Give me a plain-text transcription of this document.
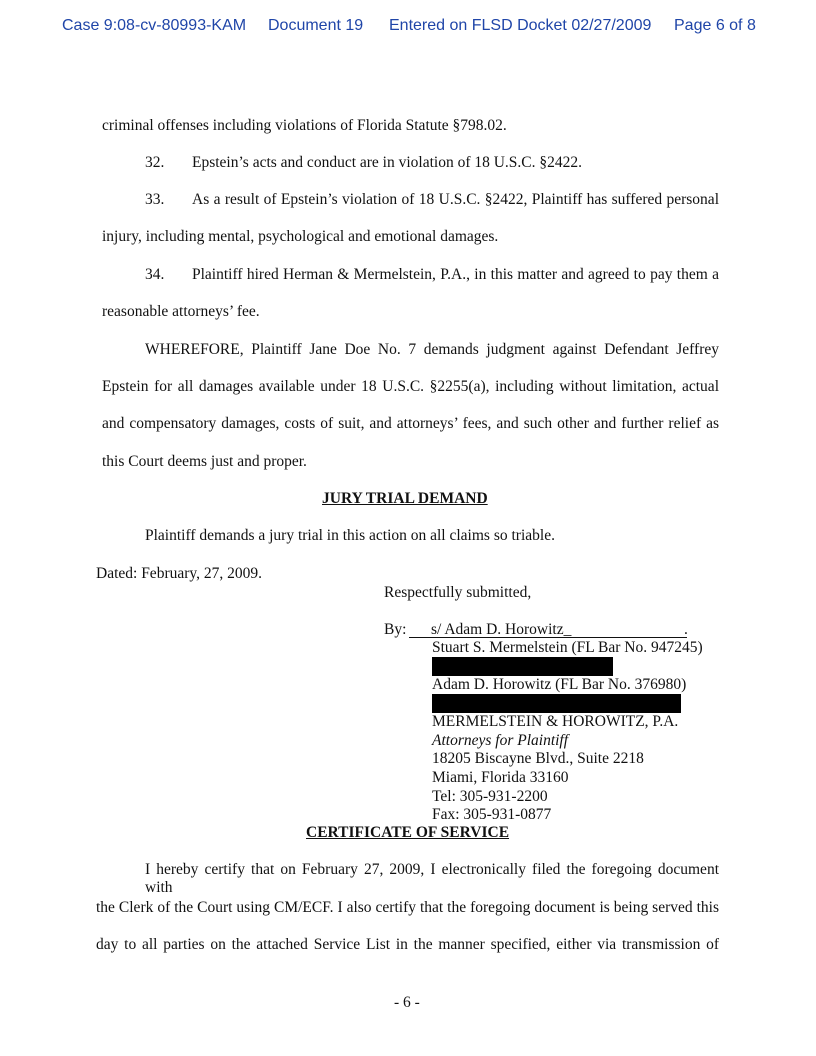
Case 9:08-cv-80993-KAM Document 19 Entered on FLSD Docket 02/27/2009 Page 6 of 8
criminal offenses including violations of Florida Statute §798.02.
32. Epstein’s acts and conduct are in violation of 18 U.S.C. §2422.
33. As a result of Epstein’s violation of 18 U.S.C. §2422, Plaintiff has suffered personal
injury, including mental, psychological and emotional damages.
34. Plaintiff hired Herman & Mermelstein, P.A., in this matter and agreed to pay them a
reasonable attorneys’ fee.
WHEREFORE, Plaintiff Jane Doe No. 7 demands judgment against Defendant Jeffrey
Epstein for all damages available under 18 U.S.C. §2255(a), including without limitation, actual
and compensatory damages, costs of suit, and attorneys’ fees, and such other and further relief as
this Court deems just and proper.
JURY TRIAL DEMAND
Plaintiff demands a jury trial in this action on all claims so triable.
Dated: February, 27, 2009.
Respectfully submitted,
By: s/ Adam D. Horowitz_	.
Stuart S. Mermelstein (FL Bar No. 947245)
Adam D. Horowitz (FL Bar No. 376980)
MERMELSTEIN & HOROWITZ, P.A.
Attorneys for Plaintiff
18205 Biscayne Blvd., Suite 2218
Miami, Florida 33160
Tel: 305-931-2200
Fax: 305-931-0877
CERTIFICATE OF SERVICE
I hereby certify that on February 27, 2009, I electronically filed the foregoing document with
the Clerk of the Court using CM/ECF. I also certify that the foregoing document is being served this
day to all parties on the attached Service List in the manner specified, either via transmission of
- 6 -
